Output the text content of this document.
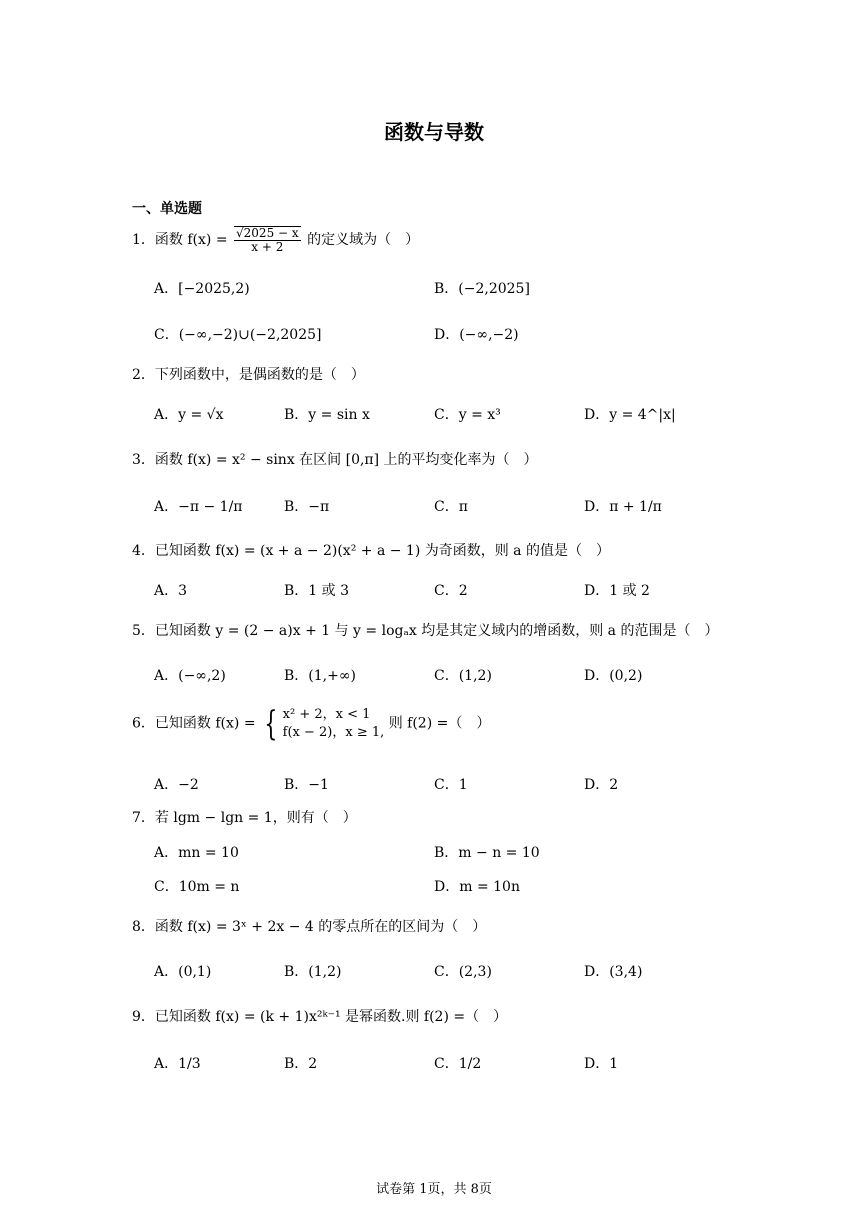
函数与导数
一、单选题
1．函数 $f(x) = \frac{√2025 - x}{x + 2}$ 的定义域为（　）
A．[−2025,2)	B．(−2,2025]
C．(−∞,−2)∪(−2,2025]	D．(−∞,−2)
2．下列函数中，是偶函数的是（　）
A．y = √x	B．y = sin x	C．y = x³	D．y = 4^|x|
3．函数 f(x) = x² − sinx 在区间 [0,π] 上的平均变化率为（　）
A．−π − 1/π	B．−π	C．π	D．π + 1/π
4．已知函数 f(x) = (x + a − 2)(x² + a − 1) 为奇函数，则 a 的值是（　）
A．3	B．1 或 3	C．2	D．1 或 2
5．已知函数 y = (2 − a)x + 1 与 y = logₐx 均是其定义域内的增函数，则 a 的范围是（　）
A．(−∞,2)	B．(1,+∞)	C．(1,2)	D．(0,2)
6．已知函数 f(x) = { x² + 2，x < 1
f(x − 2)，x ≥ 1,
则 f(2) =（　）
A．−2	B．−1	C．1	D．2
7．若 lgm − lgn = 1，则有（　）
A．mn = 10	B．m − n = 10
C．10m = n	D．m = 10n
8．函数 f(x) = 3ˣ + 2x − 4 的零点所在的区间为（　）
A．(0,1)	B．(1,2)	C．(2,3)	D．(3,4)
9．已知函数 f(x) = (k + 1)x²ᵏ⁻¹ 是幂函数.则 f(2) =（　）
A．1/3	B．2	C．1/2	D．1
试卷第 1页，共 8页
